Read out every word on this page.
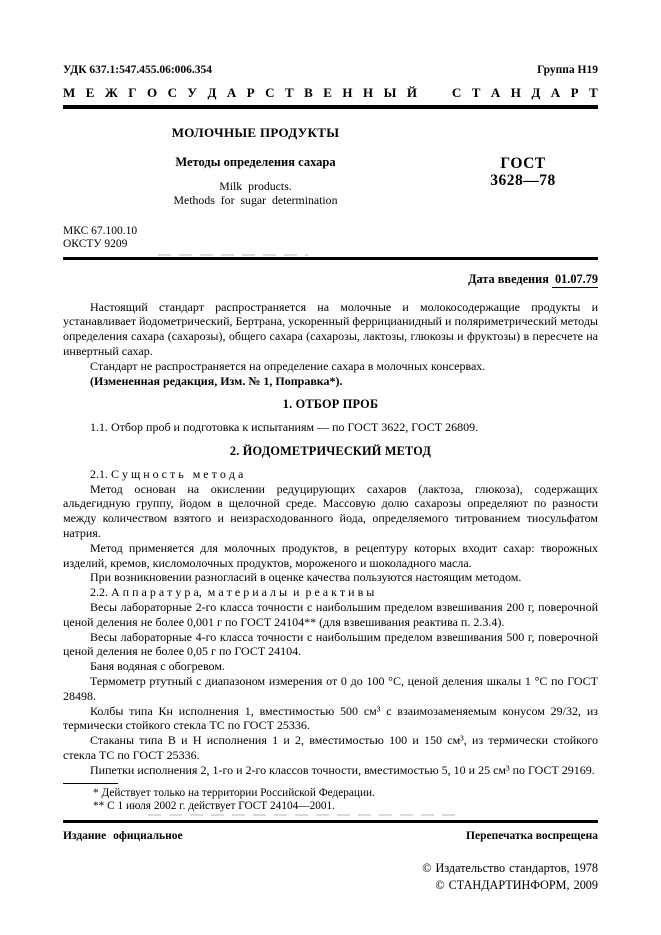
УДК 637.1:547.455.06:006.354	Группа Н19
М Е Ж Г О С У Д А Р С Т В Е Н Н Ы Й
	С Т А Н Д А Р Т
МОЛОЧНЫЕ ПРОДУКТЫ
Методы определения сахара
Milk products.
Methods for sugar determination
ГОСТ
3628—78
МКС 67.100.10
ОКСТУ 9209
Дата введения 01.07.79

Настоящий стандарт распространяется на молочные и молокосодержащие продукты и устанавливает йодометрический, Бертрана, ускоренный феррицианидный и поляриметрический методы определения сахара (сахарозы), общего сахара (сахарозы, лактозы, глюкозы и фруктозы) в пересчете на инвертный сахар.

Стандарт не распространяется на определение сахара в молочных консервах.

(Измененная редакция, Изм. № 1, Поправка*).

1. ОТБОР ПРОБ

1.1. Отбор проб и подготовка к испытаниям — по ГОСТ 3622, ГОСТ 26809.

2. ЙОДОМЕТРИЧЕСКИЙ МЕТОД

2.1. С у щ н о с т ь   м е т о д а

Метод основан на окислении редуцирующих сахаров (лактоза, глюкоза), содержащих альдегидную группу, йодом в щелочной среде. Массовую долю сахарозы определяют по разности между количеством взятого и неизрасходованного йода, определяемого титрованием тиосульфатом натрия.

Метод применяется для молочных продуктов, в рецептуру которых входит сахар: творожных изделий, кремов, кисломолочных продуктов, мороженого и шоколадного масла.

При возникновении разногласий в оценке качества пользуются настоящим методом.

2.2. А п п а р а т у р а,  м а т е р и а л ы  и  р е а к т и в ы

Весы лабораторные 2-го класса точности с наибольшим пределом взвешивания 200 г, поверочной ценой деления не более 0,001 г по ГОСТ 24104** (для взвешивания реактива п. 2.3.4).

Весы лабораторные 4-го класса точности с наибольшим пределом взвешивания 500 г, поверочной ценой деления не более 0,05 г по ГОСТ 24104.

Баня водяная с обогревом.

Термометр ртутный с диапазоном измерения от 0 до 100 °С, ценой деления шкалы 1 °С по ГОСТ 28498.

Колбы типа Кн исполнения 1, вместимостью 500 см³ с взаимозаменяемым конусом 29/32, из термически стойкого стекла ТС по ГОСТ 25336.

Стаканы типа В и Н исполнения 1 и 2, вместимостью 100 и 150 см³, из термически стойкого стекла ТС по ГОСТ 25336.

Пипетки исполнения 2, 1-го и 2-го классов точности, вместимостью 5, 10 и 25 см³ по ГОСТ 29169.

* Действует только на территории Российской Федерации.

** С 1 июля 2002 г. действует ГОСТ 24104—2001.

Издание официальное	Перепечатка воспрещена
© Издательство стандартов, 1978
© СТАНДАРТИНФОРМ, 2009
